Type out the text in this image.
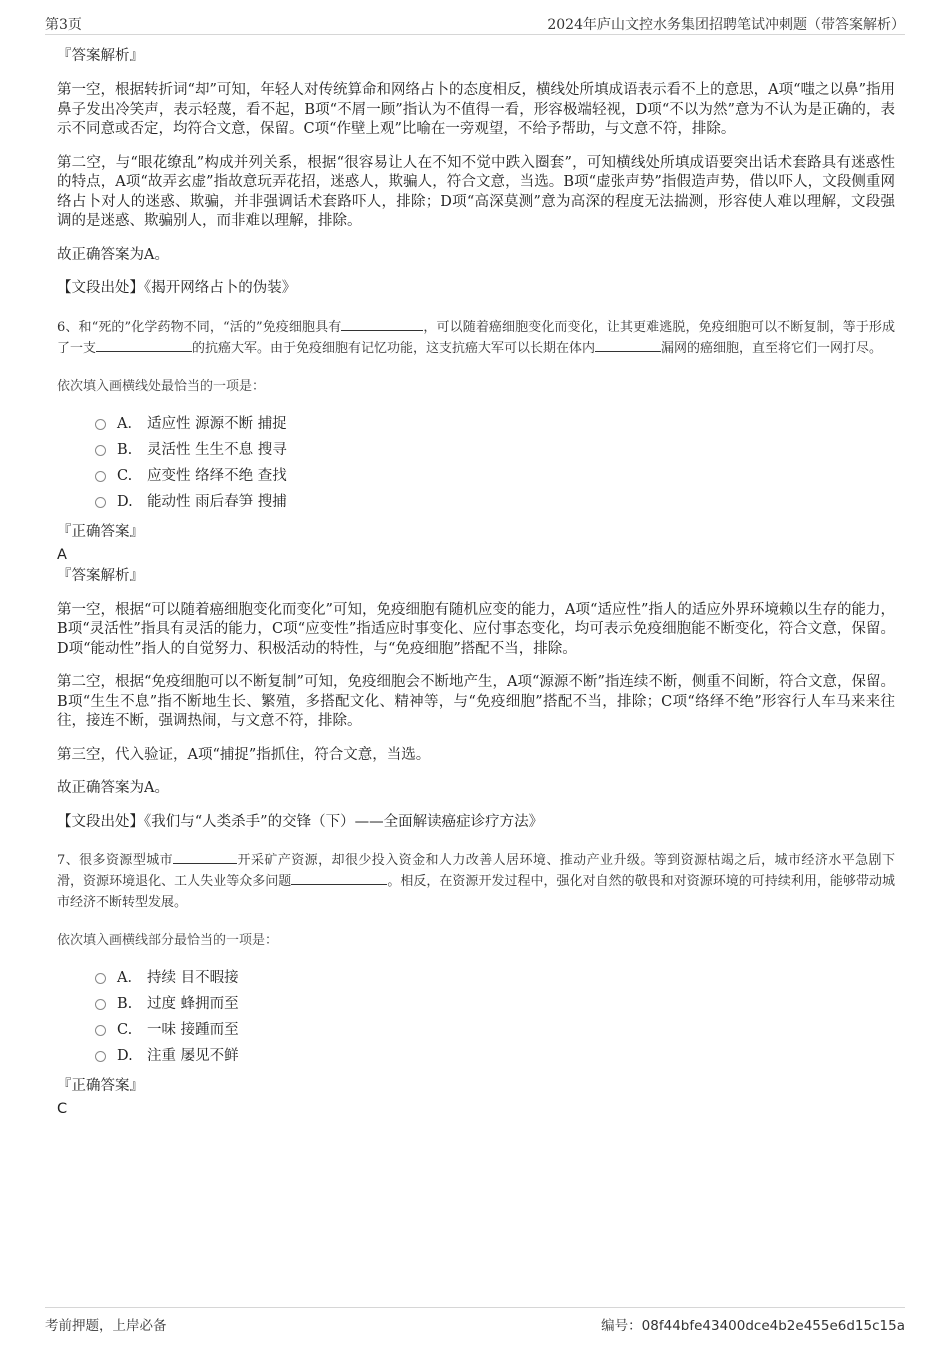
第3页	2024年庐山文控水务集团招聘笔试冲刺题（带答案解析）

『答案解析』

第一空，根据转折词“却”可知，年轻人对传统算命和网络占卜的态度相反，横线处所填成语表示看不上的意思，A项“嗤之以鼻”指用鼻子发出冷笑声，表示轻蔑，看不起，B项“不屑一顾”指认为不值得一看，形容极端轻视，D项“不以为然”意为不认为是正确的，表示不同意或否定，均符合文意，保留。C项“作壁上观”比喻在一旁观望，不给予帮助，与文意不符，排除。

第二空，与“眼花缭乱”构成并列关系，根据“很容易让人在不知不觉中跌入圈套”，可知横线处所填成语要突出话术套路具有迷惑性的特点，A项“故弄玄虚”指故意玩弄花招，迷惑人，欺骗人，符合文意，当选。B项“虚张声势”指假造声势，借以吓人，文段侧重网络占卜对人的迷惑、欺骗，并非强调话术套路吓人，排除；D项“高深莫测”意为高深的程度无法揣测，形容使人难以理解，文段强调的是迷惑、欺骗别人，而非难以理解，排除。

故正确答案为A。

【文段出处】《揭开网络占卜的伪装》

6、和“死的”化学药物不同，“活的”免疫细胞具有	，可以随着癌细胞变化而变化，让其更难逃脱，免疫细胞可以不断复制，等于形成了一支	的抗癌大军。由于免疫细胞有记忆功能，这支抗癌大军可以长期在体内	漏网的癌细胞，直至将它们一网打尽。

依次填入画横线处最恰当的一项是：

A． 适应性 源源不断 捕捉
B. 灵活性 生生不息 搜寻
C. 应变性 络绎不绝 查找
D. 能动性 雨后春笋 搜捕

『正确答案』

A

『答案解析』

第一空，根据“可以随着癌细胞变化而变化”可知，免疫细胞有随机应变的能力，A项“适应性”指人的适应外界环境赖以生存的能力，B项“灵活性”指具有灵活的能力，C项“应变性”指适应时事变化、应付事态变化，均可表示免疫细胞能不断变化，符合文意，保留。D项“能动性”指人的自觉努力、积极活动的特性，与“免疫细胞”搭配不当，排除。

第二空，根据“免疫细胞可以不断复制”可知，免疫细胞会不断地产生，A项“源源不断”指连续不断，侧重不间断，符合文意，保留。B项“生生不息”指不断地生长、繁殖，多搭配文化、精神等，与“免疫细胞”搭配不当，排除；C项“络绎不绝”形容行人车马来来往往，接连不断，强调热闹，与文意不符，排除。

第三空，代入验证，A项“捕捉”指抓住，符合文意，当选。

故正确答案为A。

【文段出处】《我们与“人类杀手”的交锋（下）——全面解读癌症诊疗方法》

7、很多资源型城市	开采矿产资源，却很少投入资金和人力改善人居环境、推动产业升级。等到资源枯竭之后，城市经济水平急剧下滑，资源环境退化、工人失业等众多问题	。相反，在资源开发过程中，强化对自然的敬畏和对资源环境的可持续利用，能够带动城市经济不断转型发展。

依次填入画横线部分最恰当的一项是：

A． 持续 目不暇接
B. 过度 蜂拥而至
C. 一味 接踵而至
D. 注重 屡见不鲜

『正确答案』

C

考前押题，上岸必备	编号：08f44bfe43400dce4b2e455e6d15c15a
